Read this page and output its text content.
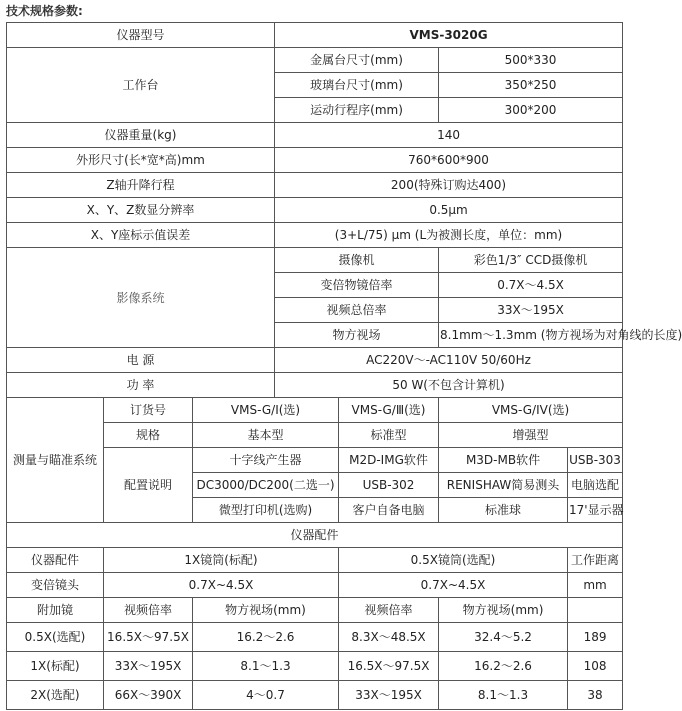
技术规格参数:
仪器型号			VMS-3020G			
工作台			金属台尺寸(mm)		500*330	
			玻璃台尺寸(mm)		350*250	
			运动行程序(mm)		300*200	
仪器重量(kg)			140			
外形尺寸(长*宽*高)mm			760*600*900			
Z轴升降行程			200(特殊订购达400)			
X、Y、Z数显分辨率			0.5μm			
X、Y座标示值误差			(3+L/75) μm (L为被测长度，单位：mm)			
影像系统			摄像机		彩色1/3″ CCD摄像机	
			变倍物镜倍率		0.7X～4.5X	
			视频总倍率		33X～195X	
			物方视场		8.1mm～1.3mm (物方视场为对角线的长度)	
电 源			AC220V～-AC110V 50/60Hz			
功 率			50 W(不包含计算机)			
测量与瞄准系统	订货号	VMS-G/Ⅰ(选)		VMS-G/Ⅲ(选)	VMS-G/IV(选)	
	规格	基本型		标准型	增强型	
	配置说明	十字线产生器		M2D-IMG软件	M3D-MB软件	USB-303
		DC3000/DC200(二选一)		USB-302	RENISHAW简易测头	电脑选配
		微型打印机(选购)		客户自备电脑	标准球	17'显示器
仪器配件						
仪器配件	1X镜筒(标配)			0.5X镜筒(选配)		工作距离
变倍镜头	0.7X~4.5X			0.7X~4.5X		mm
附加镜	视频倍率	物方视场(mm)		视频倍率	物方视场(mm)	
0.5X(选配)	16.5X～97.5X	16.2～2.6		8.3X～48.5X	32.4～5.2	189
1X(标配)	33X～195X	8.1～1.3		16.5X～97.5X	16.2～2.6	108
2X(选配)	66X～390X	4～0.7		33X～195X	8.1～1.3	38
